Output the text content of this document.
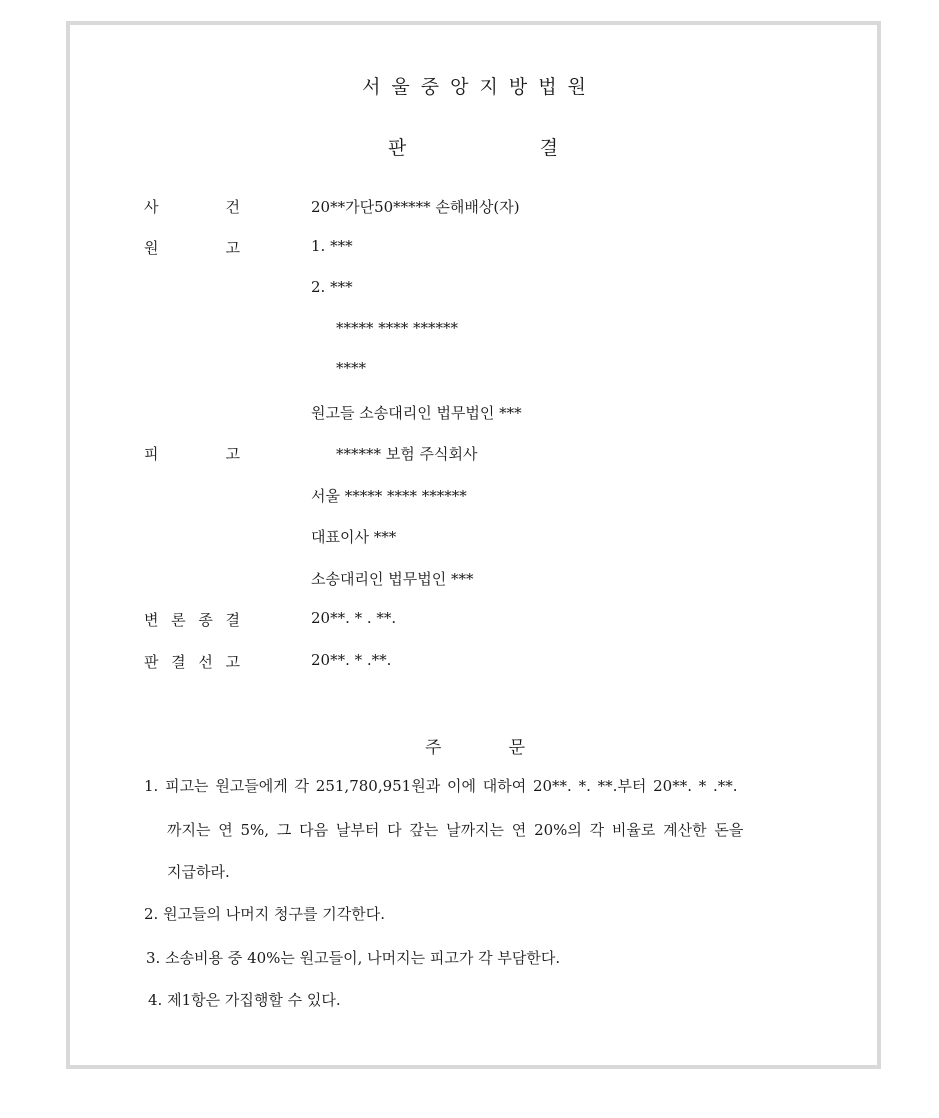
서울중앙지방법원
판	결
사	건	20**가단50***** 손해배상(자)
원	고	1. ***
2. ***
***** **** ******
****
원고들 소송대리인 법무법인 ***
피	고	****** 보험 주식회사
서울 ***** **** ******
대표이사 ***
소송대리인 법무법인 ***
변 론 종 결	20**. * . **.
판 결 선 고	20**. * .**.
주	문
1. 피고는 원고들에게 각 251,780,951원과 이에 대하여 20**. *. **.부터 20**. * .**.
까지는 연 5%, 그 다음 날부터 다 갚는 날까지는 연 20%의 각 비율로 계산한 돈을
지급하라.
2. 원고들의 나머지 청구를 기각한다.
3. 소송비용 중 40%는 원고들이, 나머지는 피고가 각 부담한다.
4. 제1항은 가집행할 수 있다.
